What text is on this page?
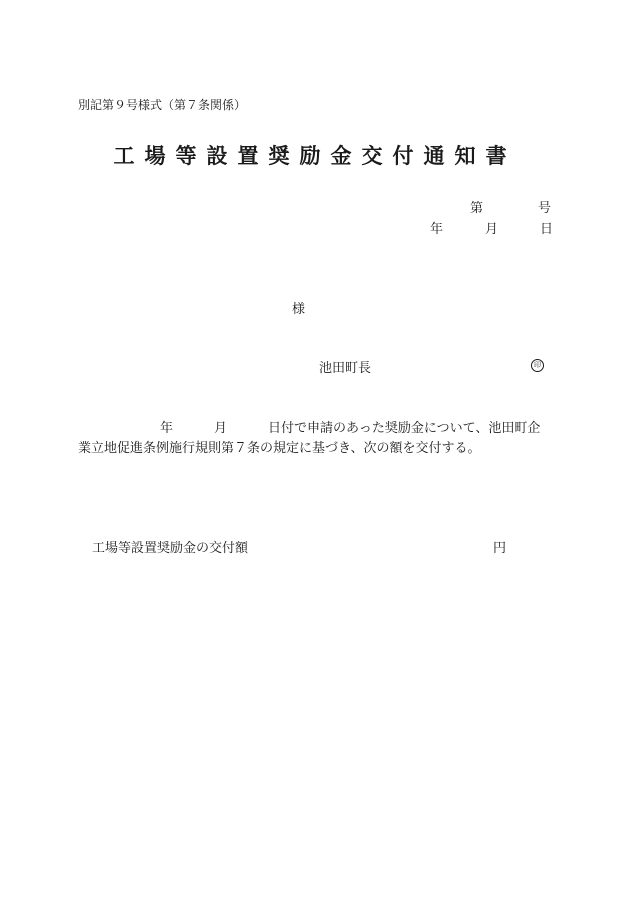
別記第９号様式（第７条関係）
工場等設置奨励金交付通知書
第	号
年	月	日
様
池田町長	印
年	月	日付で申請のあった奨励金について、池田町企
業立地促進条例施行規則第７条の規定に基づき、次の額を交付する。
工場等設置奨励金の交付額	円
